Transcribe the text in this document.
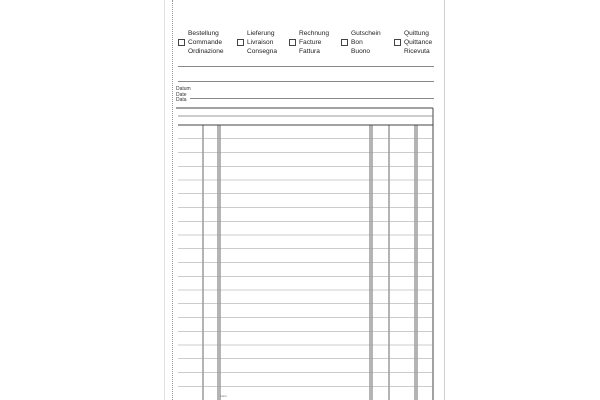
Bestellung
Commande
Ordinazione
Lieferung
Livraison
Consegna
Rechnung
Facture
Fattura
Gutschein
Bon
Buono
Quittung
Quittance
Ricevuta
Datum
Date
Data
Form
